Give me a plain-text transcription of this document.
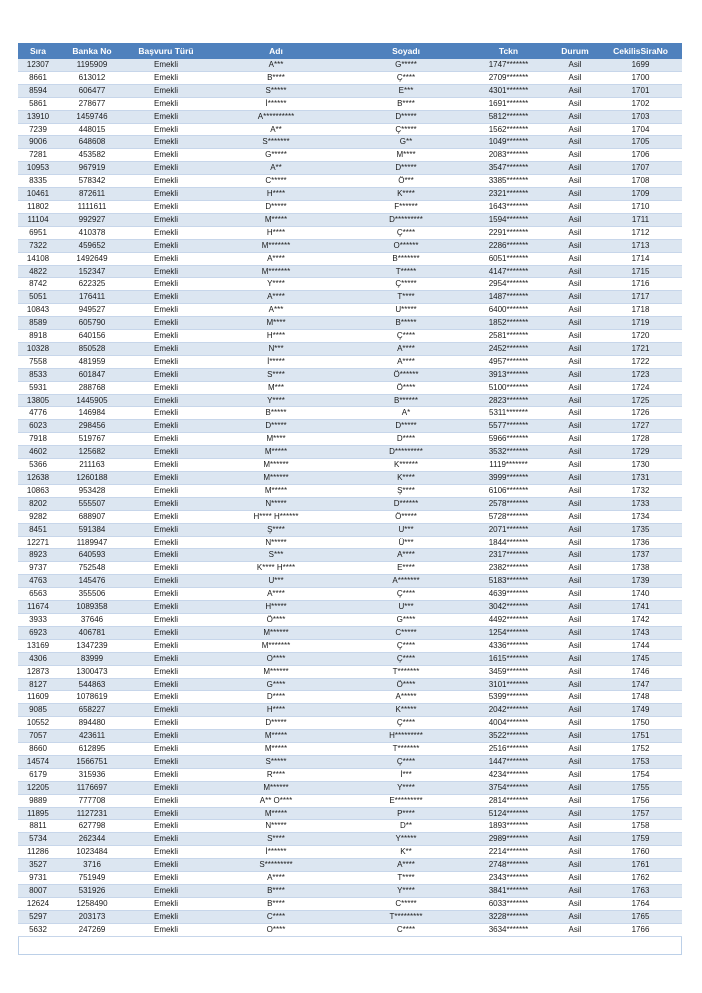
Sıra	Banka No	Başvuru Türü	Adı	Soyadı	Tckn	Durum	CekilisSiraNo
12307	1195909	Emekli	A***	G*****	1747*******	Asil	1699
8661	613012	Emekli	B****	Ç****	2709*******	Asil	1700
8594	606477	Emekli	S*****	E***	4301*******	Asil	1701
5861	278677	Emekli	İ******	B****	1691*******	Asil	1702
13910	1459746	Emekli	A**********	D*****	5812*******	Asil	1703
7239	448015	Emekli	A**	Ç*****	1562*******	Asil	1704
9006	648608	Emekli	S*******	G**	1049*******	Asil	1705
7281	453582	Emekli	G*****	M****	2083*******	Asil	1706
10953	967919	Emekli	A**	D*****	3547*******	Asil	1707
8335	578342	Emekli	C*****	Ö***	3385*******	Asil	1708
10461	872611	Emekli	H****	K****	2321*******	Asil	1709
11802	1111611	Emekli	D*****	F******	1643*******	Asil	1710
11104	992927	Emekli	M*****	D*********	1594*******	Asil	1711
6951	410378	Emekli	H****	Ç****	2291*******	Asil	1712
7322	459652	Emekli	M*******	O******	2286*******	Asil	1713
14108	1492649	Emekli	A****	B*******	6051*******	Asil	1714
4822	152347	Emekli	M*******	T*****	4147*******	Asil	1715
8742	622325	Emekli	Y****	Ç*****	2954*******	Asil	1716
5051	176411	Emekli	A****	T****	1487*******	Asil	1717
10843	949527	Emekli	A***	U*****	6400*******	Asil	1718
8589	605790	Emekli	M****	B*****	1852*******	Asil	1719
8918	640156	Emekli	H****	Ç****	2581*******	Asil	1720
10328	850528	Emekli	N***	A****	2452*******	Asil	1721
7558	481959	Emekli	İ*****	A****	4957*******	Asil	1722
8533	601847	Emekli	S****	Ö******	3913*******	Asil	1723
5931	288768	Emekli	M***	Ö****	5100*******	Asil	1724
13805	1445905	Emekli	Y****	B******	2823*******	Asil	1725
4776	146984	Emekli	B*****	A*	5311*******	Asil	1726
6023	298456	Emekli	D*****	D*****	5577*******	Asil	1727
7918	519767	Emekli	M****	D****	5966*******	Asil	1728
4602	125682	Emekli	M*****	D*********	3532*******	Asil	1729
5366	211163	Emekli	M******	K******	1119*******	Asil	1730
12638	1260188	Emekli	M******	K****	3999*******	Asil	1731
10863	953428	Emekli	M*****	Ş****	6106*******	Asil	1732
8202	555507	Emekli	N*****	D******	2578*******	Asil	1733
9282	688907	Emekli	H**** H******	Ö*****	5728*******	Asil	1734
8451	591384	Emekli	Ş****	U***	2071*******	Asil	1735
12271	1189947	Emekli	N*****	Ü***	1844*******	Asil	1736
8923	640593	Emekli	S***	A****	2317*******	Asil	1737
9737	752548	Emekli	K**** H****	E****	2382*******	Asil	1738
4763	145476	Emekli	U***	A*******	5183*******	Asil	1739
6563	355506	Emekli	A****	Ç****	4639*******	Asil	1740
11674	1089358	Emekli	H*****	U***	3042*******	Asil	1741
3933	37646	Emekli	Ö****	G****	4492*******	Asil	1742
6923	406781	Emekli	M******	C*****	1254*******	Asil	1743
13169	1347239	Emekli	M*******	Ç****	4336*******	Asil	1744
4306	83999	Emekli	O****	Ç****	1615*******	Asil	1745
12873	1300473	Emekli	M******	T*******	3459*******	Asil	1746
8127	544863	Emekli	G****	Ö****	3101*******	Asil	1747
11609	1078619	Emekli	D****	A*****	5399*******	Asil	1748
9085	658227	Emekli	H****	K*****	2042*******	Asil	1749
10552	894480	Emekli	D*****	Ç****	4004*******	Asil	1750
7057	423611	Emekli	M*****	H*********	3522*******	Asil	1751
8660	612895	Emekli	M*****	T*******	2516*******	Asil	1752
14574	1566751	Emekli	S*****	Ç****	1447*******	Asil	1753
6179	315936	Emekli	R****	İ***	4234*******	Asil	1754
12205	1176697	Emekli	M******	Y****	3754*******	Asil	1755
9889	777708	Emekli	A** O****	E*********	2814*******	Asil	1756
11895	1127231	Emekli	M*****	P****	5124*******	Asil	1757
8811	627798	Emekli	N*****	D**	1893*******	Asil	1758
5734	262344	Emekli	S****	Y*****	2989*******	Asil	1759
11286	1023484	Emekli	İ******	K**	2214*******	Asil	1760
3527	3716	Emekli	S*********	A****	2748*******	Asil	1761
9731	751949	Emekli	A****	T****	2343*******	Asil	1762
8007	531926	Emekli	B****	Y****	3841*******	Asil	1763
12624	1258490	Emekli	B****	C*****	6033*******	Asil	1764
5297	203173	Emekli	C****	T*********	3228*******	Asil	1765
5632	247269	Emekli	O****	C****	3634*******	Asil	1766
